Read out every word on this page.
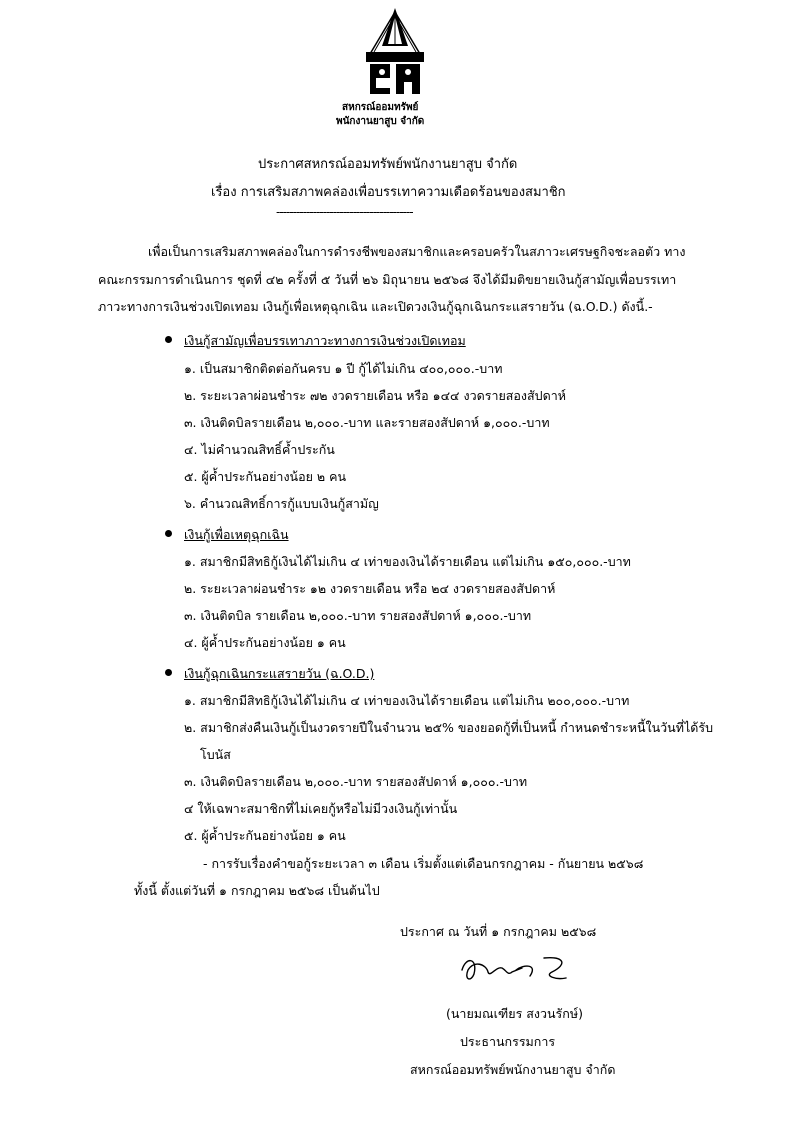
สหกรณ์ออมทรัพย์
พนักงานยาสูบ จำกัด
ประกาศสหกรณ์ออมทรัพย์พนักงานยาสูบ จำกัด
เรื่อง การเสริมสภาพคล่องเพื่อบรรเทาความเดือดร้อนของสมาชิก
-----------------------------------------
เพื่อเป็นการเสริมสภาพคล่องในการดำรงชีพของสมาชิกและครอบครัวในสภาวะเศรษฐกิจชะลอตัว ทาง
คณะกรรมการดำเนินการ ชุดที่ ๔๒ ครั้งที่ ๕ วันที่ ๒๖ มิถุนายน ๒๕๖๘ จึงได้มีมติขยายเงินกู้สามัญเพื่อบรรเทา
ภาวะทางการเงินช่วงเปิดเทอม เงินกู้เพื่อเหตุฉุกเฉิน และเปิดวงเงินกู้ฉุกเฉินกระแสรายวัน (ฉ.O.D.) ดังนี้.-
เงินกู้สามัญเพื่อบรรเทาภาวะทางการเงินช่วงเปิดเทอม
๑. เป็นสมาชิกติดต่อกันครบ ๑ ปี กู้ได้ไม่เกิน ๔๐๐,๐๐๐.-บาท
๒. ระยะเวลาผ่อนชำระ ๗๒ งวดรายเดือน หรือ ๑๔๔ งวดรายสองสัปดาห์
๓. เงินติดบิลรายเดือน ๒,๐๐๐.-บาท และรายสองสัปดาห์ ๑,๐๐๐.-บาท
๔. ไม่คำนวณสิทธิ์ค้ำประกัน
๕. ผู้ค้ำประกันอย่างน้อย ๒ คน
๖. คำนวณสิทธิ์การกู้แบบเงินกู้สามัญ
เงินกู้เพื่อเหตุฉุกเฉิน
๑. สมาชิกมีสิทธิกู้เงินได้ไม่เกิน ๔ เท่าของเงินได้รายเดือน แต่ไม่เกิน ๑๕๐,๐๐๐.-บาท
๒. ระยะเวลาผ่อนชำระ ๑๒ งวดรายเดือน หรือ ๒๔ งวดรายสองสัปดาห์
๓. เงินติดบิล รายเดือน ๒,๐๐๐.-บาท รายสองสัปดาห์ ๑,๐๐๐.-บาท
๔. ผู้ค้ำประกันอย่างน้อย ๑ คน
เงินกู้ฉุกเฉินกระแสรายวัน (ฉ.O.D.)
๑. สมาชิกมีสิทธิกู้เงินได้ไม่เกิน ๔ เท่าของเงินได้รายเดือน แต่ไม่เกิน ๒๐๐,๐๐๐.-บาท
๒. สมาชิกส่งคืนเงินกู้เป็นงวดรายปีในจำนวน ๒๕% ของยอดกู้ที่เป็นหนี้ กำหนดชำระหนี้ในวันที่ได้รับ
โบนัส
๓. เงินติดบิลรายเดือน ๒,๐๐๐.-บาท รายสองสัปดาห์ ๑,๐๐๐.-บาท
๔ ให้เฉพาะสมาชิกที่ไม่เคยกู้หรือไม่มีวงเงินกู้เท่านั้น
๕. ผู้ค้ำประกันอย่างน้อย ๑ คน
- การรับเรื่องคำขอกู้ระยะเวลา ๓ เดือน เริ่มตั้งแต่เดือนกรกฎาคม - กันยายน ๒๕๖๘
ทั้งนี้ ตั้งแต่วันที่ ๑ กรกฎาคม ๒๕๖๘ เป็นต้นไป
ประกาศ ณ วันที่ ๑ กรกฎาคม ๒๕๖๘
(นายมณเฑียร สงวนรักษ์)
ประธานกรรมการ
สหกรณ์ออมทรัพย์พนักงานยาสูบ จำกัด
